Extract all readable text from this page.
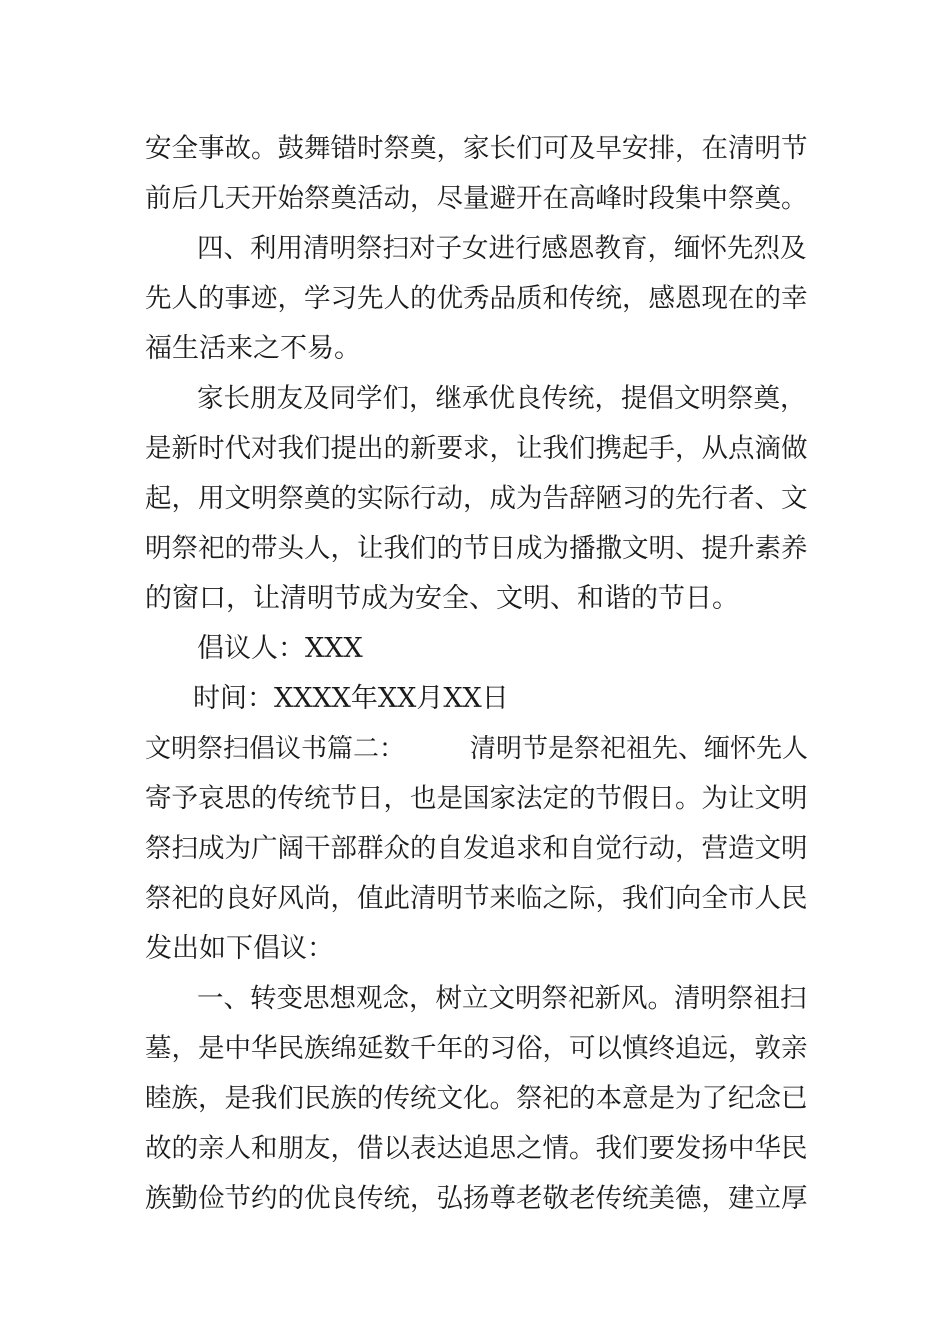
安全事故。鼓舞错时祭奠，家长们可及早安排，在清明节
前后几天开始祭奠活动，尽量避开在高峰时段集中祭奠。
四、利用清明祭扫对子女进行感恩教育，缅怀先烈及
先人的事迹，学习先人的优秀品质和传统，感恩现在的幸
福生活来之不易。
家长朋友及同学们，继承优良传统，提倡文明祭奠，
是新时代对我们提出的新要求，让我们携起手，从点滴做
起，用文明祭奠的实际行动，成为告辞陋习的先行者、文
明祭祀的带头人，让我们的节日成为播撒文明、提升素养
的窗口，让清明节成为安全、文明、和谐的节日。
倡议人：XXX
时间：XXXX年XX月XX日
文明祭扫倡议书篇二：　　　清明节是祭祀祖先、缅怀先人
寄予哀思的传统节日，也是国家法定的节假日。为让文明
祭扫成为广阔干部群众的自发追求和自觉行动，营造文明
祭祀的良好风尚，值此清明节来临之际，我们向全市人民
发出如下倡议：
一、转变思想观念，树立文明祭祀新风。清明祭祖扫
墓，是中华民族绵延数千年的习俗，可以慎终追远，敦亲
睦族，是我们民族的传统文化。祭祀的本意是为了纪念已
故的亲人和朋友，借以表达追思之情。我们要发扬中华民
族勤俭节约的优良传统，弘扬尊老敬老传统美德，建立厚
